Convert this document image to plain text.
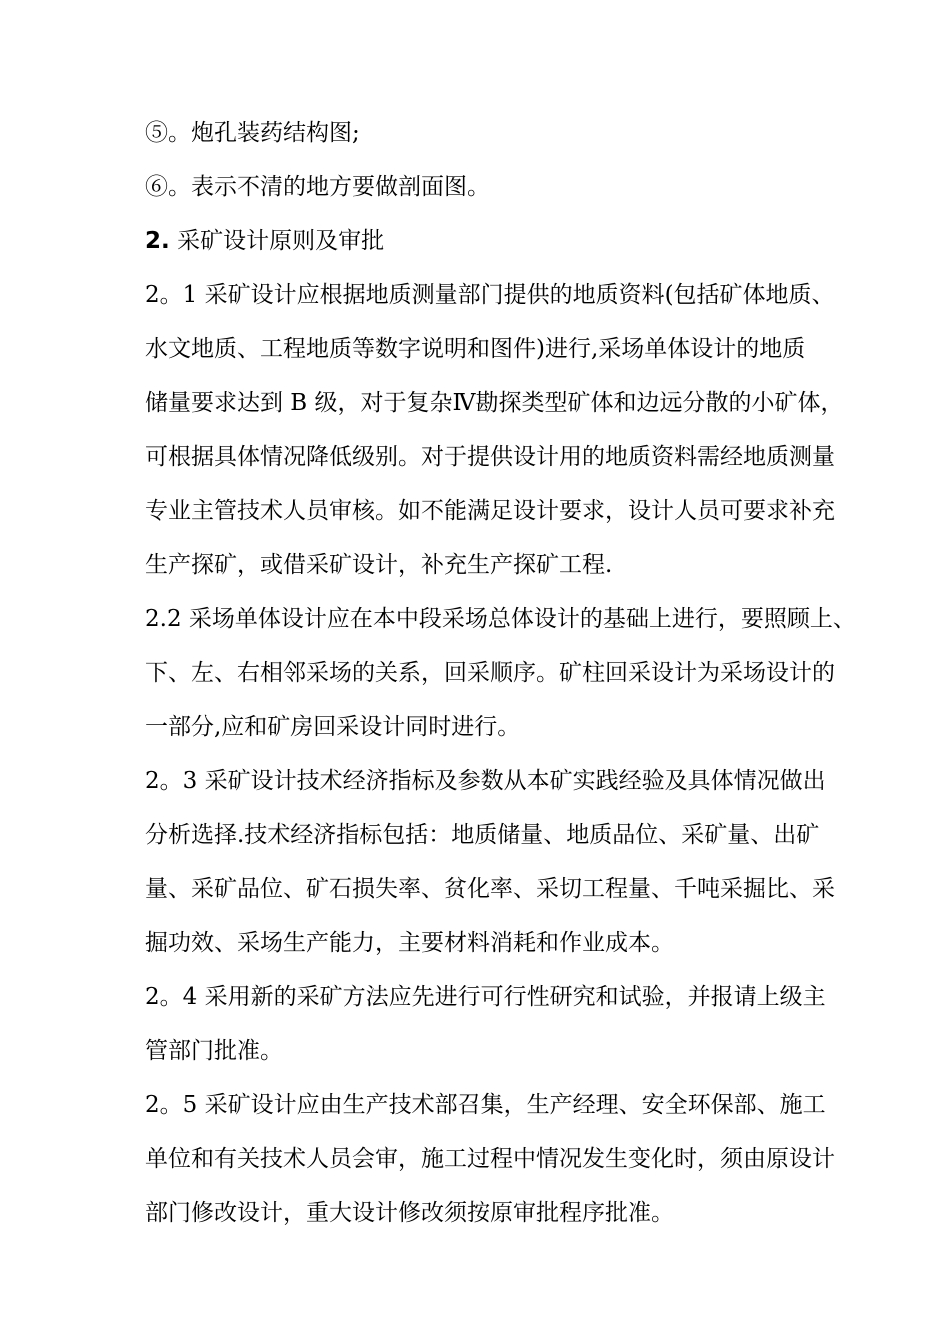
⑤。炮孔装药结构图;
⑥。表示不清的地方要做剖面图。
2. 采矿设计原则及审批
2。1 采矿设计应根据地质测量部门提供的地质资料(包括矿体地质、
水文地质、工程地质等数字说明和图件)进行,采场单体设计的地质
储量要求达到 B 级，对于复杂Ⅳ勘探类型矿体和边远分散的小矿体，
可根据具体情况降低级别。对于提供设计用的地质资料需经地质测量
专业主管技术人员审核。如不能满足设计要求，设计人员可要求补充
生产探矿，或借采矿设计，补充生产探矿工程.
2.2 采场单体设计应在本中段采场总体设计的基础上进行，要照顾上、
下、左、右相邻采场的关系，回采顺序。矿柱回采设计为采场设计的
一部分,应和矿房回采设计同时进行。
2。3 采矿设计技术经济指标及参数从本矿实践经验及具体情况做出
分析选择.技术经济指标包括：地质储量、地质品位、采矿量、出矿
量、采矿品位、矿石损失率、贫化率、采切工程量、千吨采掘比、采
掘功效、采场生产能力，主要材料消耗和作业成本。
2。4 采用新的采矿方法应先进行可行性研究和试验，并报请上级主
管部门批准。
2。5 采矿设计应由生产技术部召集，生产经理、安全环保部、施工
单位和有关技术人员会审，施工过程中情况发生变化时，须由原设计
部门修改设计，重大设计修改须按原审批程序批准。
